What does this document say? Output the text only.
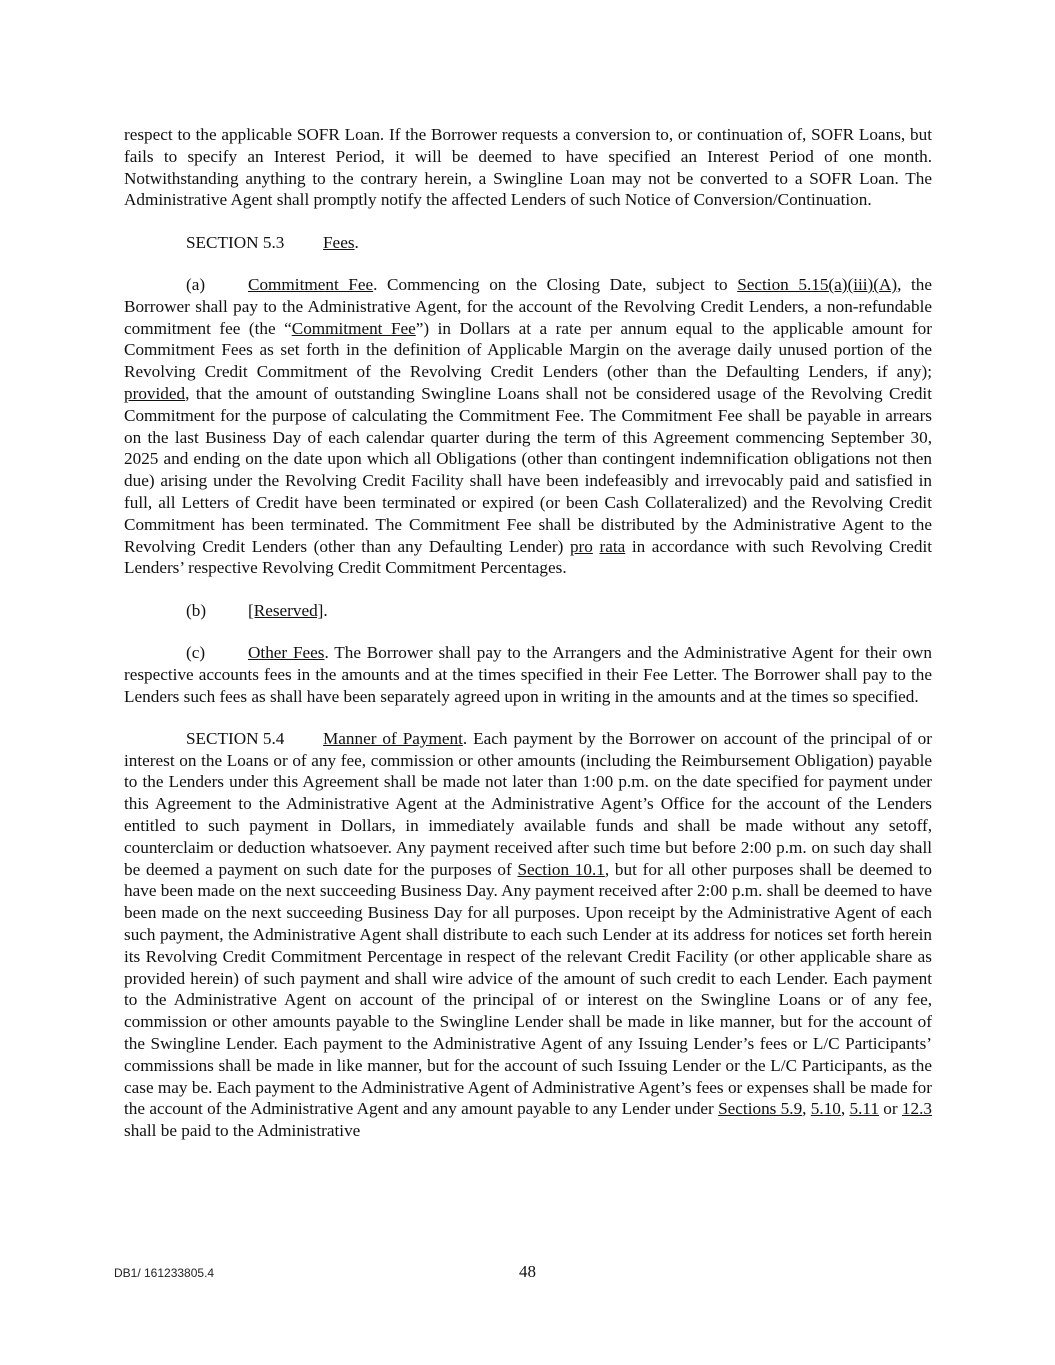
respect to the applicable SOFR Loan. If the Borrower requests a conversion to, or continuation of, SOFR Loans, but fails to specify an Interest Period, it will be deemed to have specified an Interest Period of one month. Notwithstanding anything to the contrary herein, a Swingline Loan may not be converted to a SOFR Loan. The Administrative Agent shall promptly notify the affected Lenders of such Notice of Conversion/Continuation.

SECTION 5.3 Fees.

(a) Commitment Fee. Commencing on the Closing Date, subject to Section 5.15(a)(iii)(A), the Borrower shall pay to the Administrative Agent, for the account of the Revolving Credit Lenders, a non-refundable commitment fee (the “Commitment Fee”) in Dollars at a rate per annum equal to the applicable amount for Commitment Fees as set forth in the definition of Applicable Margin on the average daily unused portion of the Revolving Credit Commitment of the Revolving Credit Lenders (other than the Defaulting Lenders, if any); provided, that the amount of outstanding Swingline Loans shall not be considered usage of the Revolving Credit Commitment for the purpose of calculating the Commitment Fee. The Commitment Fee shall be payable in arrears on the last Business Day of each calendar quarter during the term of this Agreement commencing September 30, 2025 and ending on the date upon which all Obligations (other than contingent indemnification obligations not then due) arising under the Revolving Credit Facility shall have been indefeasibly and irrevocably paid and satisfied in full, all Letters of Credit have been terminated or expired (or been Cash Collateralized) and the Revolving Credit Commitment has been terminated. The Commitment Fee shall be distributed by the Administrative Agent to the Revolving Credit Lenders (other than any Defaulting Lender) pro rata in accordance with such Revolving Credit Lenders’ respective Revolving Credit Commitment Percentages.

(b) [Reserved].

(c) Other Fees. The Borrower shall pay to the Arrangers and the Administrative Agent for their own respective accounts fees in the amounts and at the times specified in their Fee Letter. The Borrower shall pay to the Lenders such fees as shall have been separately agreed upon in writing in the amounts and at the times so specified.

SECTION 5.4 Manner of Payment. Each payment by the Borrower on account of the principal of or interest on the Loans or of any fee, commission or other amounts (including the Reimbursement Obligation) payable to the Lenders under this Agreement shall be made not later than 1:00 p.m. on the date specified for payment under this Agreement to the Administrative Agent at the Administrative Agent’s Office for the account of the Lenders entitled to such payment in Dollars, in immediately available funds and shall be made without any setoff, counterclaim or deduction whatsoever. Any payment received after such time but before 2:00 p.m. on such day shall be deemed a payment on such date for the purposes of Section 10.1, but for all other purposes shall be deemed to have been made on the next succeeding Business Day. Any payment received after 2:00 p.m. shall be deemed to have been made on the next succeeding Business Day for all purposes. Upon receipt by the Administrative Agent of each such payment, the Administrative Agent shall distribute to each such Lender at its address for notices set forth herein its Revolving Credit Commitment Percentage in respect of the relevant Credit Facility (or other applicable share as provided herein) of such payment and shall wire advice of the amount of such credit to each Lender. Each payment to the Administrative Agent on account of the principal of or interest on the Swingline Loans or of any fee, commission or other amounts payable to the Swingline Lender shall be made in like manner, but for the account of the Swingline Lender. Each payment to the Administrative Agent of any Issuing Lender’s fees or L/C Participants’ commissions shall be made in like manner, but for the account of such Issuing Lender or the L/C Participants, as the case may be. Each payment to the Administrative Agent of Administrative Agent’s fees or expenses shall be made for the account of the Administrative Agent and any amount payable to any Lender under Sections 5.9, 5.10, 5.11 or 12.3 shall be paid to the Administrative

DB1/ 161233805.4	48
